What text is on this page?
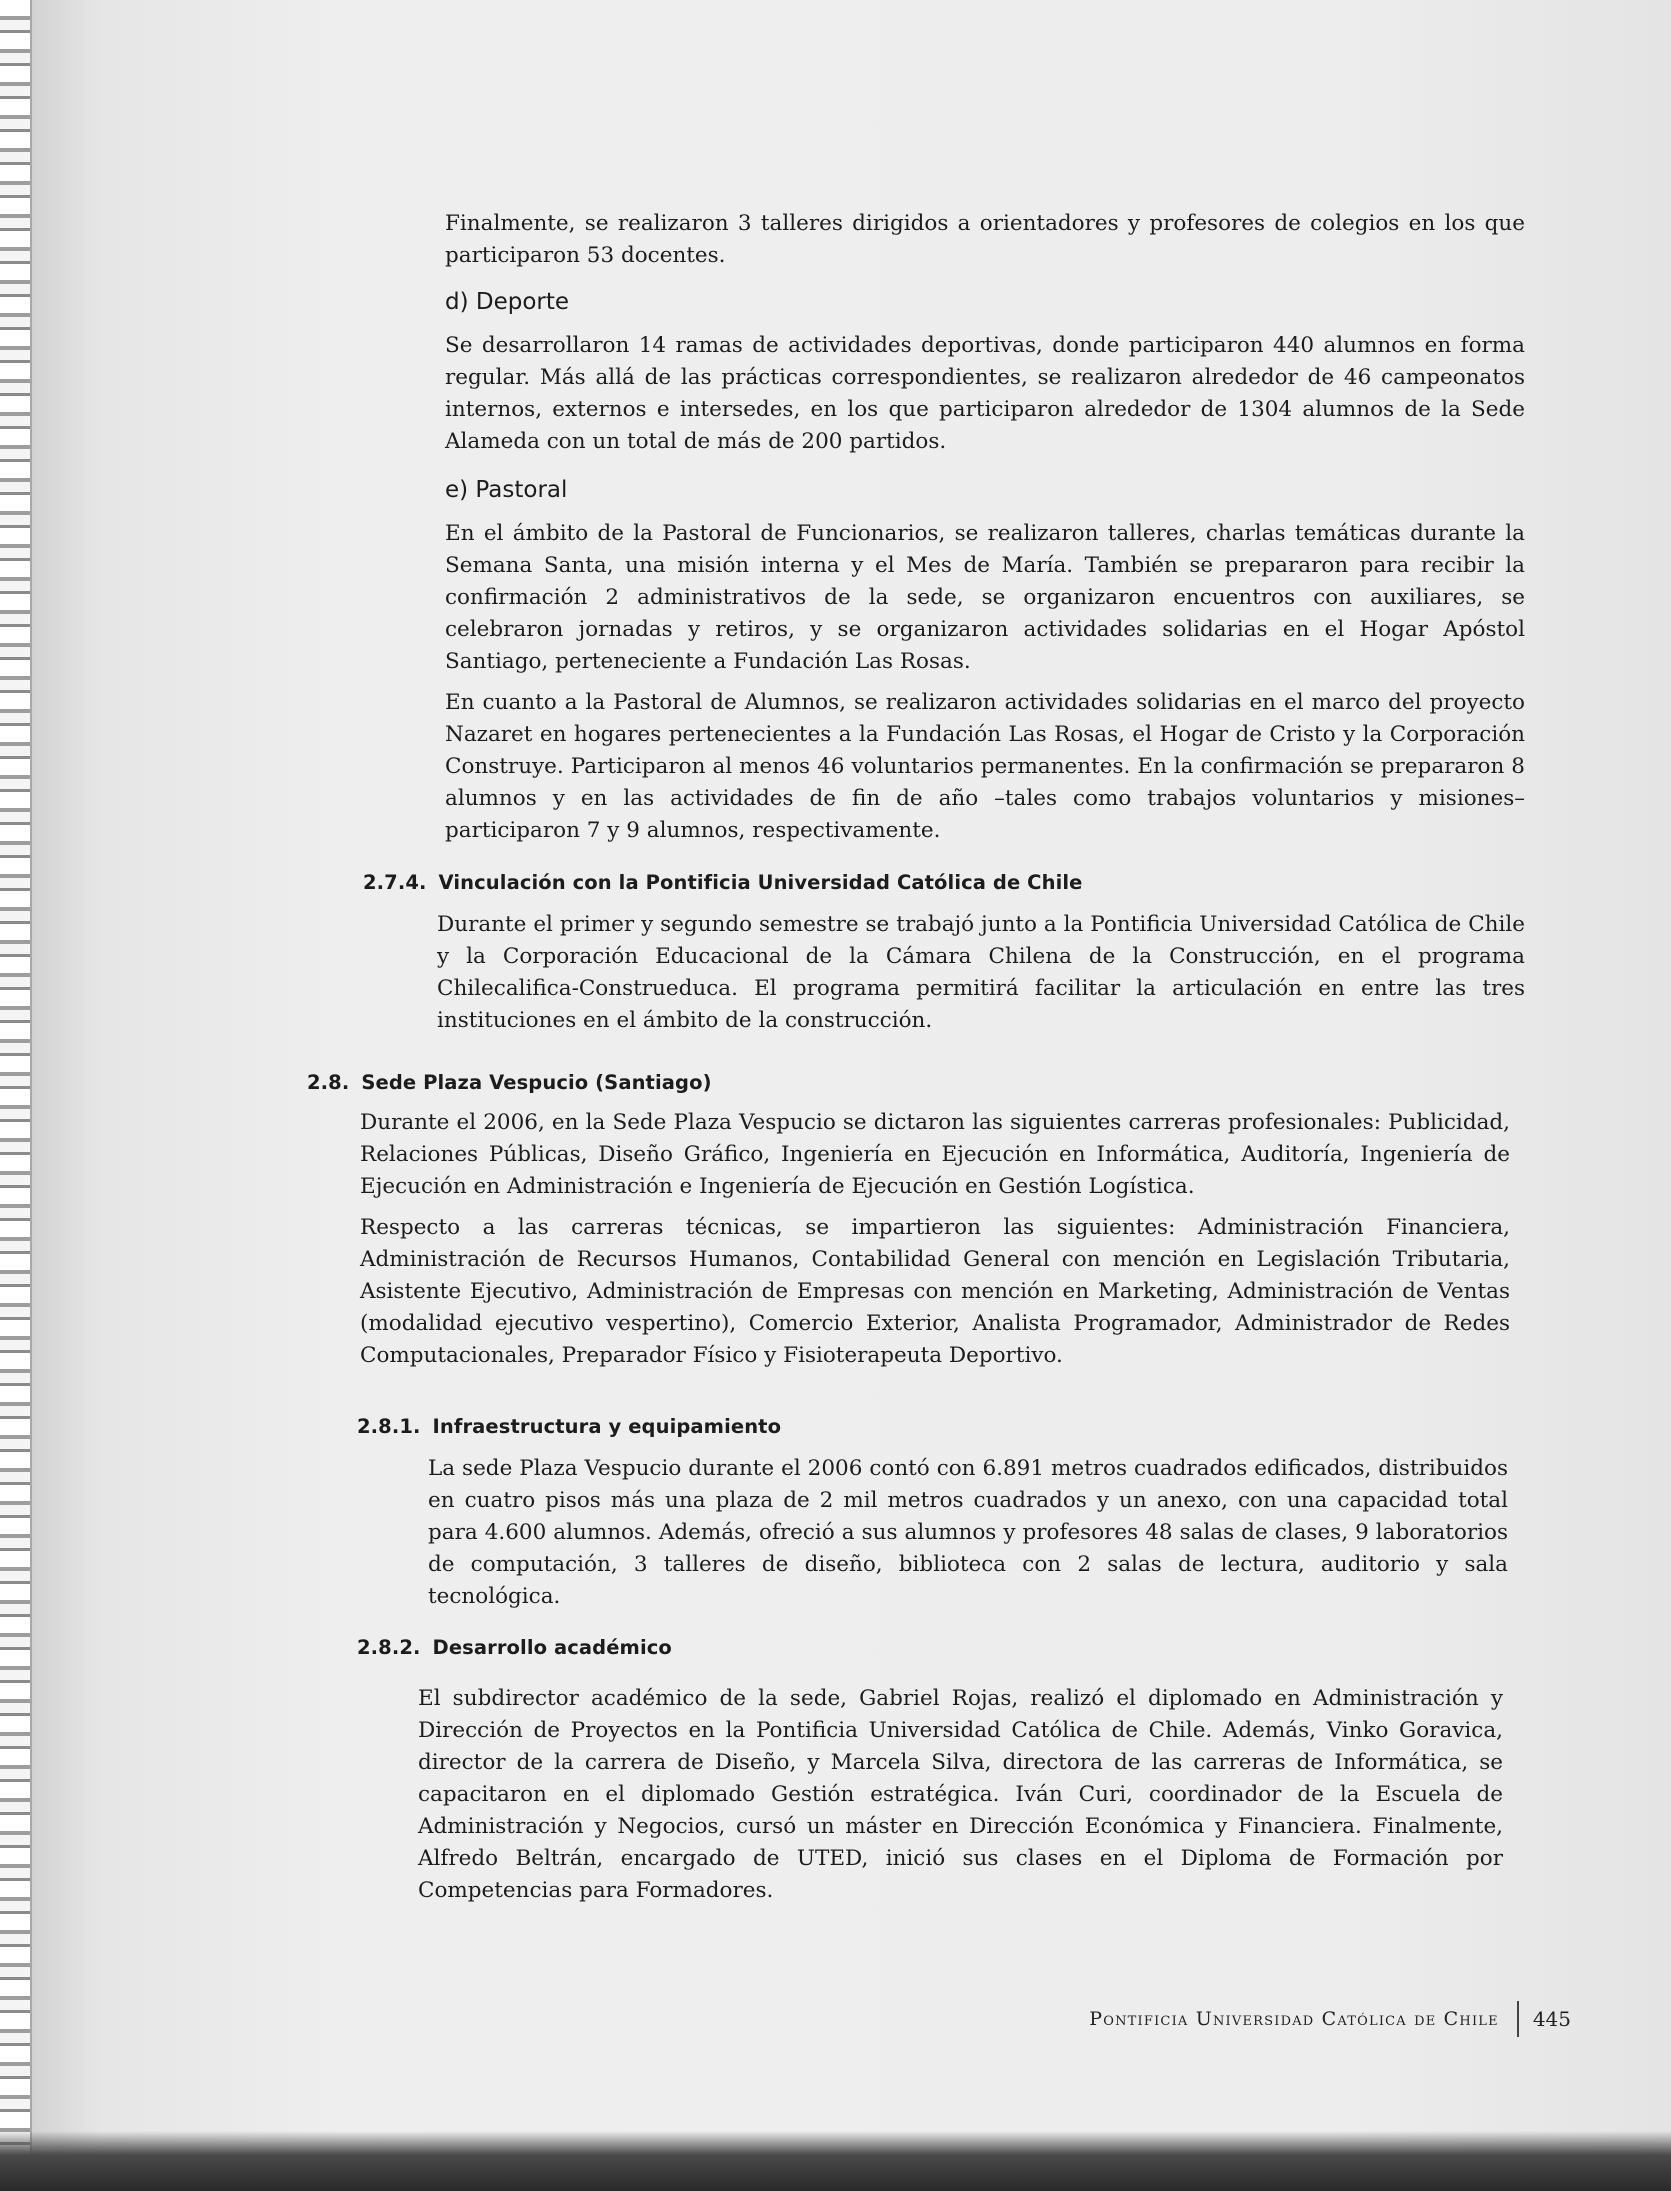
Finalmente, se realizaron 3 talleres dirigidos a orientadores y profesores de colegios en los que participaron 53 docentes.

d) Deporte

Se desarrollaron 14 ramas de actividades deportivas, donde participaron 440 alumnos en forma regular. Más allá de las prácticas correspondientes, se realizaron alrededor de 46 campeonatos internos, externos e intersedes, en los que participaron alrededor de 1304 alumnos de la Sede Alameda con un total de más de 200 partidos.

e) Pastoral

En el ámbito de la Pastoral de Funcionarios, se realizaron talleres, charlas temáticas durante la Semana Santa, una misión interna y el Mes de María. También se prepararon para recibir la confirmación 2 administrativos de la sede, se organizaron encuentros con auxiliares, se celebraron jornadas y retiros, y se organizaron actividades solidarias en el Hogar Apóstol Santiago, perteneciente a Fundación Las Rosas.

En cuanto a la Pastoral de Alumnos, se realizaron actividades solidarias en el marco del proyecto Nazaret en hogares pertenecientes a la Fundación Las Rosas, el Hogar de Cristo y la Corporación Construye. Participaron al menos 46 voluntarios permanentes. En la confirmación se prepararon 8 alumnos y en las actividades de fin de año –tales como trabajos voluntarios y misiones– participaron 7 y 9 alumnos, respectivamente.

2.7.4. Vinculación con la Pontificia Universidad Católica de Chile

Durante el primer y segundo semestre se trabajó junto a la Pontificia Universidad Católica de Chile y la Corporación Educacional de la Cámara Chilena de la Construcción, en el programa Chilecalifica-Construeduca. El programa permitirá facilitar la articulación en entre las tres instituciones en el ámbito de la construcción.

2.8. Sede Plaza Vespucio (Santiago)

Durante el 2006, en la Sede Plaza Vespucio se dictaron las siguientes carreras profesionales: Publicidad, Relaciones Públicas, Diseño Gráfico, Ingeniería en Ejecución en Informática, Auditoría, Ingeniería de Ejecución en Administración e Ingeniería de Ejecución en Gestión Logística.

Respecto a las carreras técnicas, se impartieron las siguientes: Administración Financiera, Administración de Recursos Humanos, Contabilidad General con mención en Legislación Tributaria, Asistente Ejecutivo, Administración de Empresas con mención en Marketing, Administración de Ventas (modalidad ejecutivo vespertino), Comercio Exterior, Analista Programador, Administrador de Redes Computacionales, Preparador Físico y Fisioterapeuta Deportivo.

2.8.1. Infraestructura y equipamiento

La sede Plaza Vespucio durante el 2006 contó con 6.891 metros cuadrados edificados, distribuidos en cuatro pisos más una plaza de 2 mil metros cuadrados y un anexo, con una capacidad total para 4.600 alumnos. Además, ofreció a sus alumnos y profesores 48 salas de clases, 9 laboratorios de computación, 3 talleres de diseño, biblioteca con 2 salas de lectura, auditorio y sala tecnológica.

2.8.2. Desarrollo académico

El subdirector académico de la sede, Gabriel Rojas, realizó el diplomado en Administración y Dirección de Proyectos en la Pontificia Universidad Católica de Chile. Además, Vinko Goravica, director de la carrera de Diseño, y Marcela Silva, directora de las carreras de Informática, se capacitaron en el diplomado Gestión estratégica. Iván Curi, coordinador de la Escuela de Administración y Negocios, cursó un máster en Dirección Económica y Financiera. Finalmente, Alfredo Beltrán, encargado de UTED, inició sus clases en el Diploma de Formación por Competencias para Formadores.

Pontificia Universidad Católica de Chile 445
